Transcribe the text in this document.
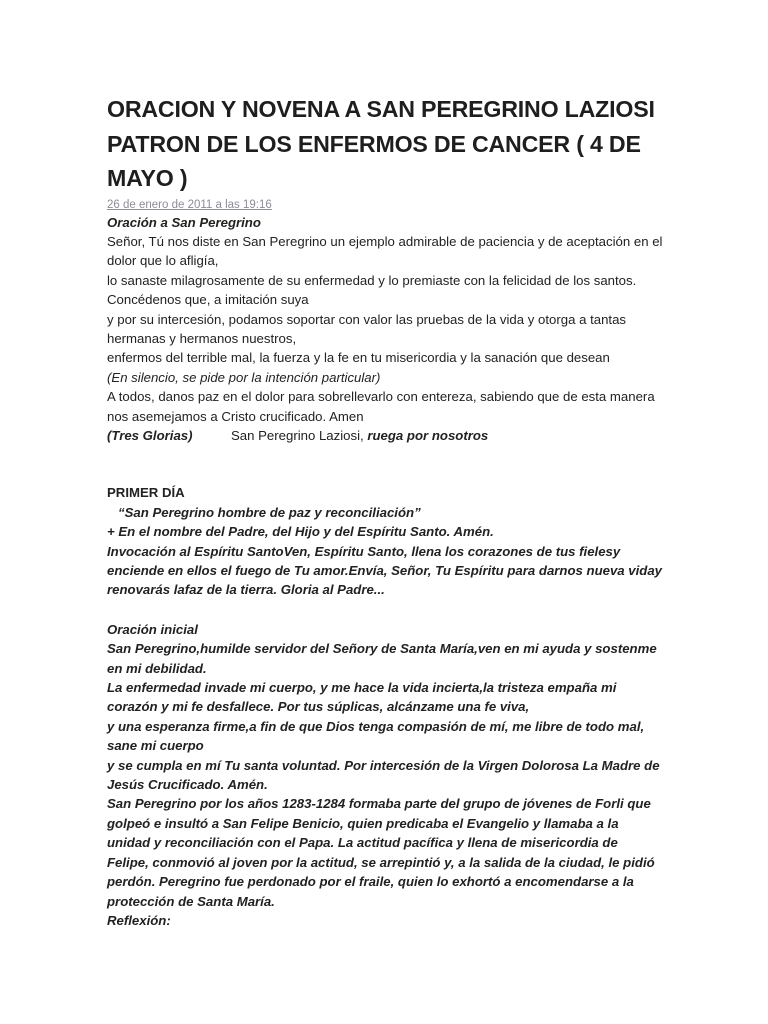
ORACION Y NOVENA A SAN PEREGRINO LAZIOSI
PATRON DE LOS ENFERMOS DE CANCER ( 4 DE
MAYO )
26 de enero de 2011 a las 19:16

Oración a San Peregrino

Señor, Tú nos diste en San Peregrino un ejemplo admirable de paciencia y de aceptación en el

dolor que lo afligía,

lo sanaste milagrosamente de su enfermedad y lo premiaste con la felicidad de los santos.

Concédenos que, a imitación suya

y por su intercesión, podamos soportar con valor las pruebas de la vida y otorga a tantas

hermanas y hermanos nuestros,

enfermos del terrible mal, la fuerza y la fe en tu misericordia y la sanación que desean

(En silencio, se pide por la intención particular)

A todos, danos paz en el dolor para sobrellevarlo con entereza, sabiendo que de esta manera

nos asemejamos a Cristo crucificado. Amen

(Tres Glorias)	San Peregrino Laziosi, ruega por nosotros

PRIMER DÍA

“San Peregrino hombre de paz y reconciliación”

+ En el nombre del Padre, del Hijo y del Espíritu Santo. Amén.

Invocación al Espíritu SantoVen, Espíritu Santo, llena los corazones de tus fielesy

enciende en ellos el fuego de Tu amor.Envía, Señor, Tu Espíritu para darnos nueva viday

renovarás lafaz de la tierra. Gloria al Padre...

Oración inicial

San Peregrino,humilde servidor del Señory de Santa María,ven en mi ayuda y sostenme

en mi debilidad.

La enfermedad invade mi cuerpo, y me hace la vida incierta,la tristeza empaña mi

corazón y mi fe desfallece. Por tus súplicas, alcánzame una fe viva,

y una esperanza firme,a fin de que Dios tenga compasión de mí, me libre de todo mal,

sane mi cuerpo

y se cumpla en mí Tu santa voluntad. Por intercesión de la Virgen Dolorosa La Madre de

Jesús Crucificado. Amén.

San Peregrino por los años 1283-1284 formaba parte del grupo de jóvenes de Forli que

golpeó e insultó a San Felipe Benicio, quien predicaba el Evangelio y llamaba a la

unidad y reconciliación con el Papa. La actitud pacífica y llena de misericordia de

Felipe, conmovió al joven por la actitud, se arrepintió y, a la salida de la ciudad, le pidió

perdón. Peregrino fue perdonado por el fraile, quien lo exhortó a encomendarse a la

protección de Santa María.

Reflexión:
